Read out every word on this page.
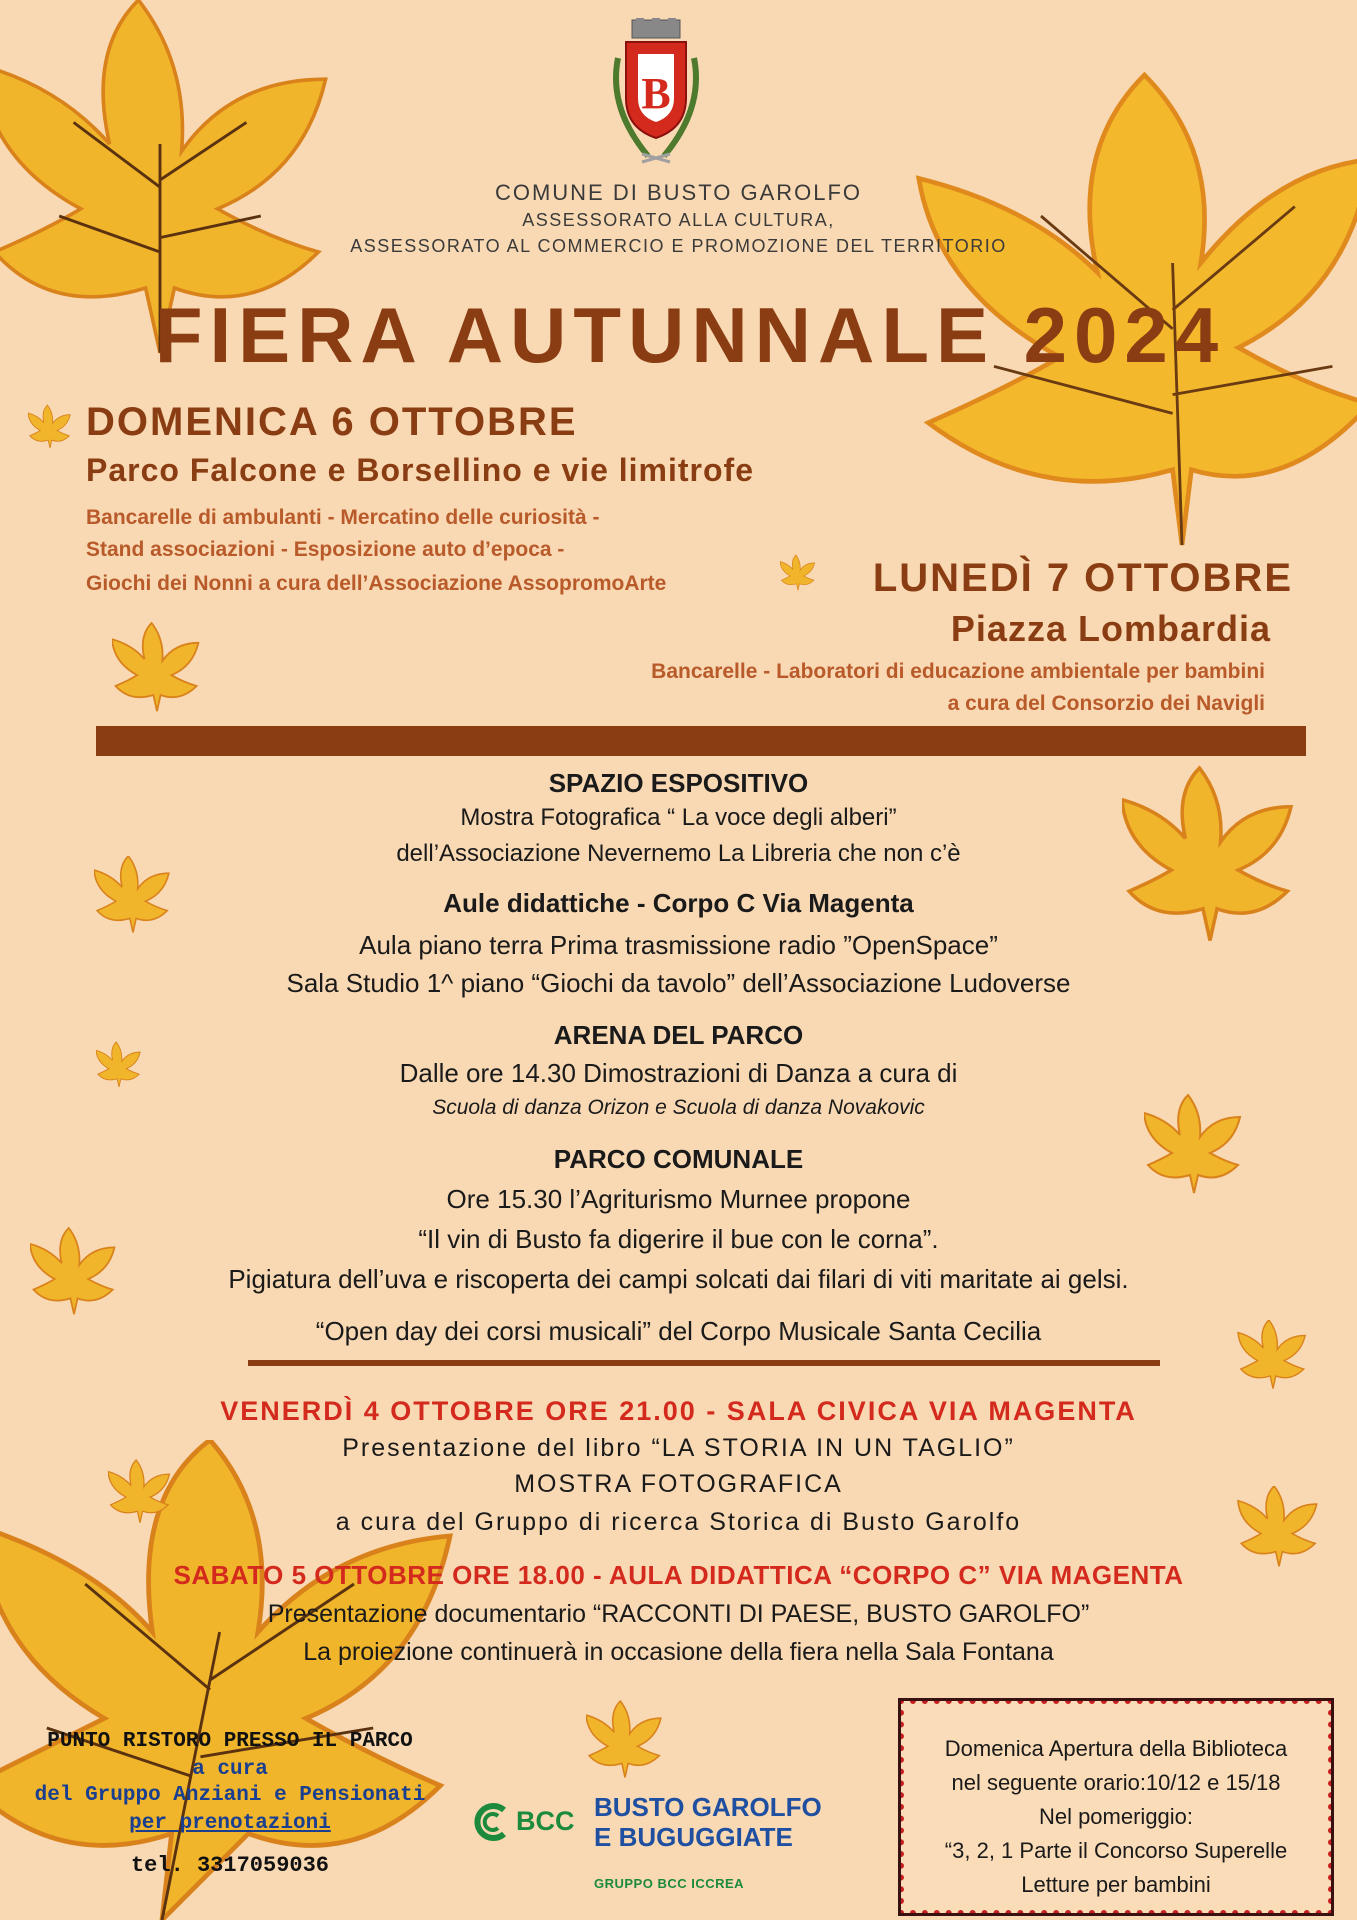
B
COMUNE DI BUSTO GAROLFO
ASSESSORATO ALLA CULTURA,
ASSESSORATO AL COMMERCIO E PROMOZIONE DEL TERRITORIO
FIERA AUTUNNALE 2024
DOMENICA 6 OTTOBRE
Parco Falcone e Borsellino e vie limitrofe
Bancarelle di ambulanti - Mercatino delle curiosità -
Stand associazioni - Esposizione auto d’epoca -
Giochi dei Nonni a cura dell’Associazione AssopromoArte	LUNEDÌ 7 OTTOBRE
Piazza Lombardia
Bancarelle - Laboratori di educazione ambientale per bambini
a cura del Consorzio dei Navigli
SPAZIO ESPOSITIVO
Mostra Fotografica “ La voce degli alberi”
dell’Associazione Nevernemo La Libreria che non c’è
Aule didattiche - Corpo C Via Magenta
Aula piano terra Prima trasmissione radio ”OpenSpace”
Sala Studio 1^ piano “Giochi da tavolo” dell’Associazione Ludoverse
ARENA DEL PARCO
Dalle ore 14.30 Dimostrazioni di Danza a cura di
Scuola di danza Orizon e Scuola di danza Novakovic
PARCO COMUNALE
Ore 15.30 l’Agriturismo Murnee propone
“Il vin di Busto fa digerire il bue con le corna”.
Pigiatura dell’uva e riscoperta dei campi solcati dai filari di viti maritate ai gelsi.
“Open day dei corsi musicali” del Corpo Musicale Santa Cecilia
VENERDÌ 4 OTTOBRE ORE 21.00 - SALA CIVICA VIA MAGENTA
Presentazione del libro “LA STORIA IN UN TAGLIO”
MOSTRA FOTOGRAFICA
a cura del Gruppo di ricerca Storica di Busto Garolfo
SABATO 5 OTTOBRE ORE 18.00 - AULA DIDATTICA “CORPO C” VIA MAGENTA
Presentazione documentario “RACCONTI DI PAESE, BUSTO GAROLFO”
La proiezione continuerà in occasione della fiera nella Sala Fontana
PUNTO RISTORO PRESSO IL PARCO
a cura
del Gruppo Anziani e Pensionati
per prenotazioni
tel. 3317059036
BCC BUSTO GAROLFO
E BUGUGGIATE
GRUPPO BCC ICCREA
Domenica Apertura della Biblioteca
nel seguente orario:10/12 e 15/18
Nel pomeriggio:
“3, 2, 1 Parte il Concorso Superelle
Letture per bambini
